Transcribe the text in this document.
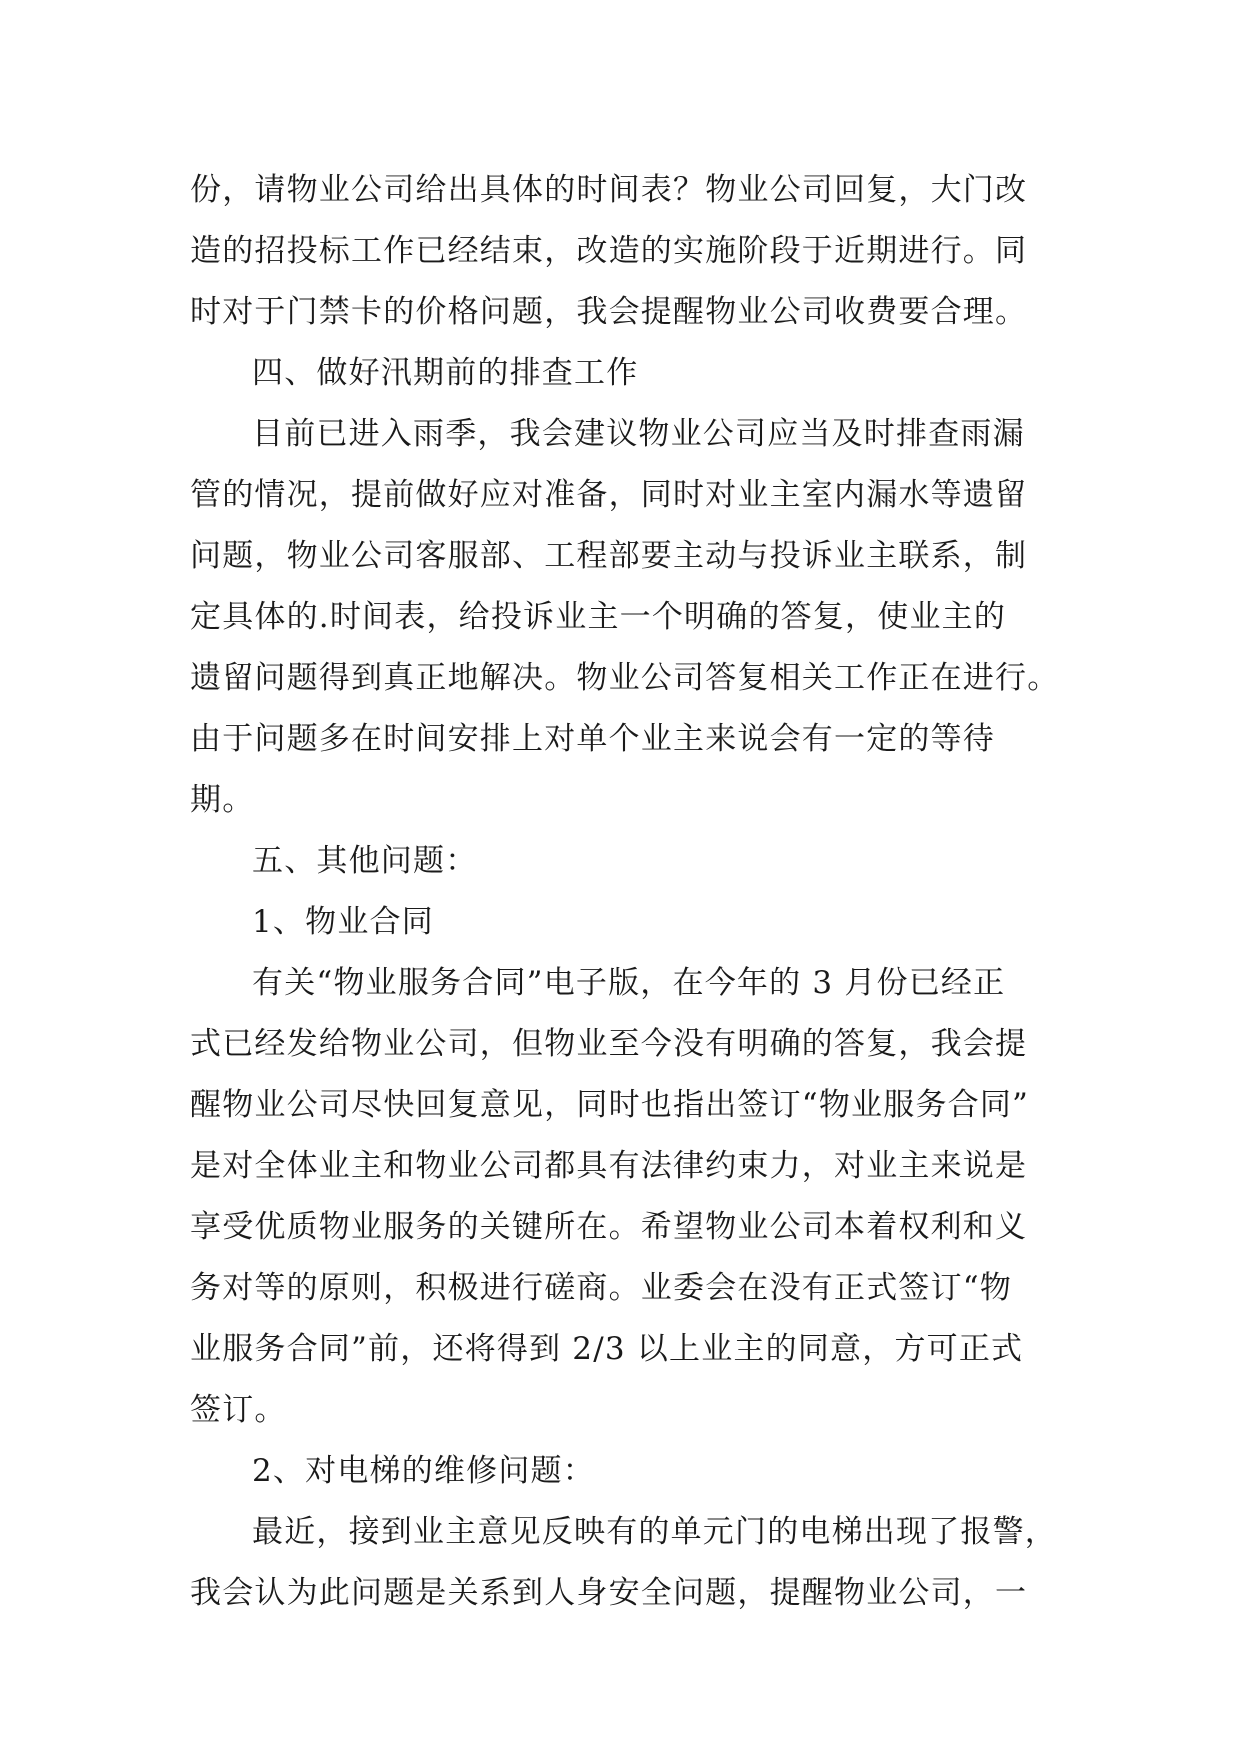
份，请物业公司给出具体的时间表？物业公司回复，大门改
造的招投标工作已经结束，改造的实施阶段于近期进行。同
时对于门禁卡的价格问题，我会提醒物业公司收费要合理。

四、做好汛期前的排查工作

目前已进入雨季，我会建议物业公司应当及时排查雨漏
管的情况，提前做好应对准备，同时对业主室内漏水等遗留
问题，物业公司客服部、工程部要主动与投诉业主联系，制
定具体的.时间表，给投诉业主一个明确的答复，使业主的
遗留问题得到真正地解决。物业公司答复相关工作正在进行。
由于问题多在时间安排上对单个业主来说会有一定的等待
期。

五、其他问题：

1、物业合同

有关“物业服务合同”电子版，在今年的 3 月份已经正
式已经发给物业公司，但物业至今没有明确的答复，我会提
醒物业公司尽快回复意见，同时也指出签订“物业服务合同”
是对全体业主和物业公司都具有法律约束力，对业主来说是
享受优质物业服务的关键所在。希望物业公司本着权利和义
务对等的原则，积极进行磋商。业委会在没有正式签订“物
业服务合同”前，还将得到 2/3 以上业主的同意，方可正式
签订。

2、对电梯的维修问题：

最近，接到业主意见反映有的单元门的电梯出现了报警，
我会认为此问题是关系到人身安全问题，提醒物业公司，一
